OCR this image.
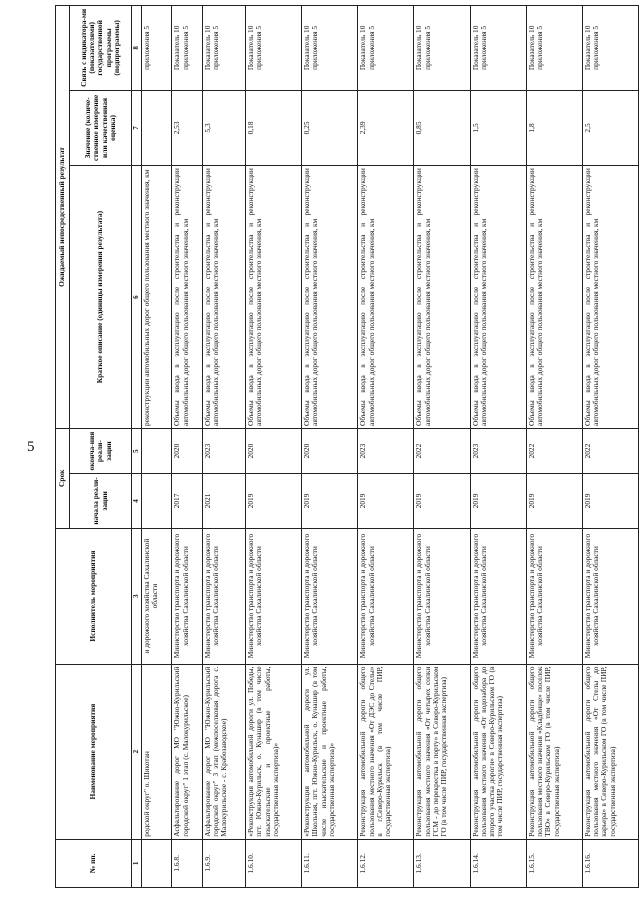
5
№ пп.	Наименование мероприятия	Исполнитель мероприятия	Срок		Ожидаемый непосредственный результат		
			начала реали-зации	оконча-ния реали-зации	Краткое описание (единицы измерения результата)	Значение (количе-ственное измерение или качественная оценка)	Связь с индикатора-ми (показателями) государственной программы (подпрограммы)
1	2	3	4	5	6	7	8
	родской округ" о. Шикотан	и дорожного хозяйства Сахалинской области			реконструкции автомобильных дорог общего пользования местного значения, км		приложения 5
1.6.8.	Асфальтирование дорог МО "Южно-Курильский городской округ" 1 этап (с. Малокурильское)	Министерство транспорта и дорожного хозяйства Сахалинской области	2017	2020	Объемы ввода в эксплуатацию после строительства и реконструкции автомобильных дорог общего пользования местного значения, км	2,53	Показатель 10 приложения 5
1.6.9.	Асфальтирование дорог МО "Южно-Курильский городской округ" 3 этап (межпоселковая дорога с. Малокурильское - с. Крабозаводское)	Министерство транспорта и дорожного хозяйства Сахалинской области	2021	2023	Объемы ввода в эксплуатацию после строительства и реконструкции автомобильных дорог общего пользования местного значения, км	5,3	Показатель 10 приложения 5
1.6.10.	«Реконструкция автомобильной дороги ул. Победы, пгт. Южно-Курильск, о. Кунашир (в том числе изыскательские и проектные работы, государственная экспертиза)»	Министерство транспорта и дорожного хозяйства Сахалинской области	2019	2020	Объемы ввода в эксплуатацию после строительства и реконструкции автомобильных дорог общего пользования местного значения, км	0,18	Показатель 10 приложения 5
1.6.11.	«Реконструкция автомобильной дороги ул. Школьная, пгт. Южно-Курильск, о. Кунашир (в том числе изыскательские и проектные работы, государственная экспертиза)»	Министерство транспорта и дорожного хозяйства Сахалинской области	2019	2020	Объемы ввода в эксплуатацию после строительства и реконструкции автомобильных дорог общего пользования местного значения, км	0,25	Показатель 10 приложения 5
1.6.12.	Реконструкция автомобильной дороги общего пользования местного значения «От ДЭС до Стелы» в г.Северо-Курильск (в том числе ПИР, государственная экспертиза)	Министерство транспорта и дорожного хозяйства Сахалинской области	2019	2023	Объемы ввода в эксплуатацию после строительства и реконструкции автомобильных дорог общего пользования местного значения, км	2,39	Показатель 10 приложения 5
1.6.13.	Реконструкция автомобильной дороги общего пользования местного значения «От четырех сопки ГСМ - до перекрестка в порту» в Северо-Курильском ГО (в том числе ПИР, государственная экспертиза)	Министерство транспорта и дорожного хозяйства Сахалинской области	2019	2022	Объемы ввода в эксплуатацию после строительства и реконструкции автомобильных дорог общего пользования местного значения, км	0,85	Показатель 10 приложения 5
1.6.14.	Реконструкция автомобильной дороги общего пользования местного значения «От водозабора до второго участка дороги» в Северо-Курильском ГО (в том числе ПИР, государственная экспертиза)	Министерство транспорта и дорожного хозяйства Сахалинской области	2019	2023	Объемы ввода в эксплуатацию после строительства и реконструкции автомобильных дорог общего пользования местного значения, км	1,5	Показатель 10 приложения 5
1.6.15.	Реконструкция автомобильной дороги общего пользования местного значения «Кладбище» поселок ТВО» в Северо-Курильском ГО (в том числе ПИР, государственная экспертиза)	Министерство транспорта и дорожного хозяйства Сахалинской области	2019	2022	Объемы ввода в эксплуатацию после строительства и реконструкции автомобильных дорог общего пользования местного значения, км	1,8	Показатель 10 приложения 5
1.6.16.	Реконструкция автомобильной дороги общего пользования местного значения «От Стелы до карьера» в Северо-Курильском ГО (в том числе ПИР, государственная экспертиза)	Министерство транспорта и дорожного хозяйства Сахалинской области	2019	2022	Объемы ввода в эксплуатацию после строительства и реконструкции автомобильных дорог общего пользования местного значения, км	2,5	Показатель 10 приложения 5
